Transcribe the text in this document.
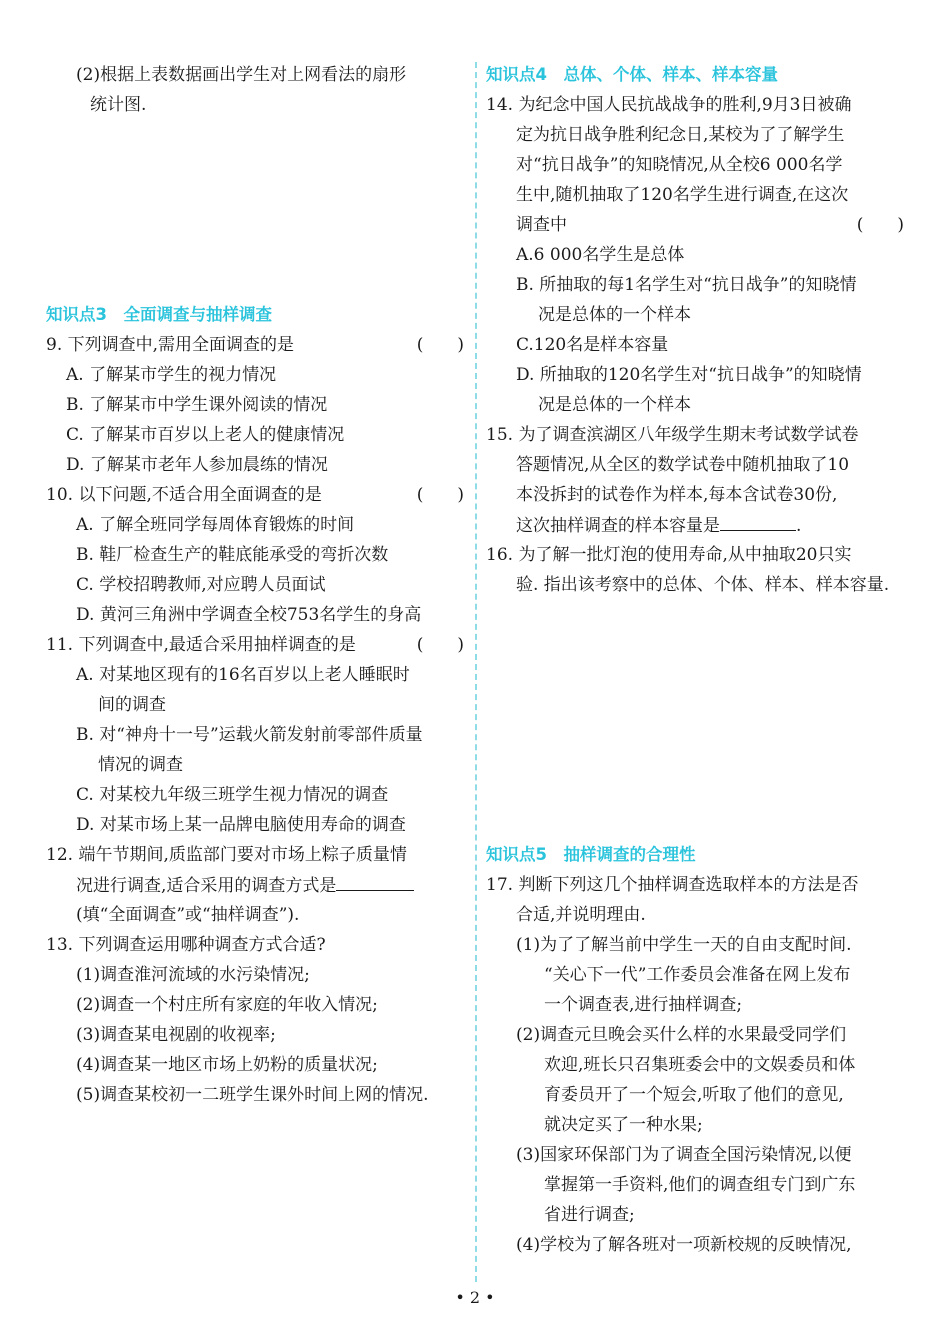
(2)根据上表数据画出学生对上网看法的扇形
统计图.
知识点3　全面调查与抽样调查
9. 下列调查中,需用全面调查的是	(　　)
A. 了解某市学生的视力情况
B. 了解某市中学生课外阅读的情况
C. 了解某市百岁以上老人的健康情况
D. 了解某市老年人参加晨练的情况
10. 以下问题,不适合用全面调查的是	(　　)
A. 了解全班同学每周体育锻炼的时间
B. 鞋厂检查生产的鞋底能承受的弯折次数
C. 学校招聘教师,对应聘人员面试
D. 黄河三角洲中学调查全校753名学生的身高
11. 下列调查中,最适合采用抽样调查的是	(　　)
A. 对某地区现有的16名百岁以上老人睡眠时
间的调查
B. 对“神舟十一号”运载火箭发射前零部件质量
情况的调查
C. 对某校九年级三班学生视力情况的调查
D. 对某市场上某一品牌电脑使用寿命的调查
12. 端午节期间,质监部门要对市场上粽子质量情
况进行调查,适合采用的调查方式是
(填“全面调查”或“抽样调查”).
13. 下列调查运用哪种调查方式合适?
(1)调查淮河流域的水污染情况;
(2)调查一个村庄所有家庭的年收入情况;
(3)调查某电视剧的收视率;
(4)调查某一地区市场上奶粉的质量状况;
(5)调查某校初一二班学生课外时间上网的情况.
知识点4　总体、个体、样本、样本容量
14. 为纪念中国人民抗战战争的胜利,9月3日被确
定为抗日战争胜利纪念日,某校为了了解学生
对“抗日战争”的知晓情况,从全校6 000名学
生中,随机抽取了120名学生进行调查,在这次
调查中	(　　)
A.6 000名学生是总体
B. 所抽取的每1名学生对“抗日战争”的知晓情
况是总体的一个样本
C.120名是样本容量
D. 所抽取的120名学生对“抗日战争”的知晓情
况是总体的一个样本
15. 为了调查滨湖区八年级学生期末考试数学试卷
答题情况,从全区的数学试卷中随机抽取了10
本没拆封的试卷作为样本,每本含试卷30份,
这次抽样调查的样本容量是	.
16. 为了解一批灯泡的使用寿命,从中抽取20只实
验. 指出该考察中的总体、个体、样本、样本容量.
知识点5　抽样调查的合理性
17. 判断下列这几个抽样调查选取样本的方法是否
合适,并说明理由.
(1)为了了解当前中学生一天的自由支配时间.
“关心下一代”工作委员会准备在网上发布
一个调查表,进行抽样调查;
(2)调查元旦晚会买什么样的水果最受同学们
欢迎,班长只召集班委会中的文娱委员和体
育委员开了一个短会,听取了他们的意见,
就决定买了一种水果;
(3)国家环保部门为了调查全国污染情况,以便
掌握第一手资料,他们的调查组专门到广东
省进行调查;
(4)学校为了解各班对一项新校规的反映情况,
• 2 •
